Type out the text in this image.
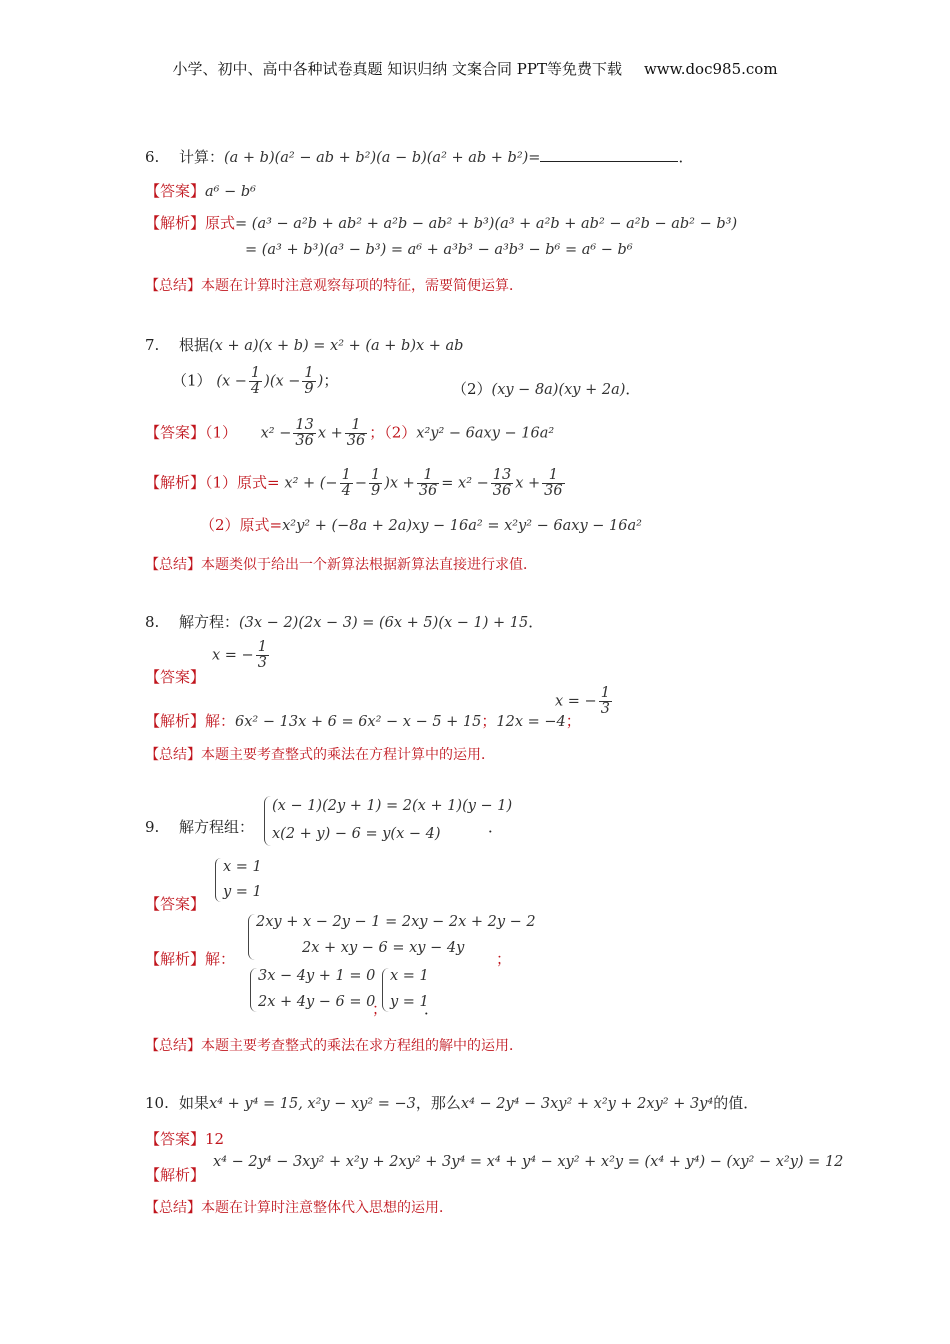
小学、初中、高中各种试卷真题 知识归纳 文案合同 PPT等免费下载 www.doc985.com
6. 计算：(a + b)(a² − ab + b²)(a − b)(a² + ab + b²)=	．
【答案】a⁶ − b⁶
【解析】原式= (a³ − a²b + ab² + a²b − ab² + b³)(a³ + a²b + ab² − a²b − ab² − b³)
= (a³ + b³)(a³ − b³) = a⁶ + a³b³ − a³b³ − b⁶ = a⁶ − b⁶
【总结】本题在计算时注意观察每项的特征，需要简便运算．
7. 根据(x + a)(x + b) = x² + (a + b)x + ab
（1） $(x - \frac{1}{4} )(x - \frac{1}{9}$ )；	（2）(xy − 8a)(xy + 2a)．
【答案】（1） $x^2 - \frac{13}{36}$ $x + \frac{1}{36}$ ；（2）x²y² − 6axy − 16a²
【解析】（1）原式= x² + (− $\frac{1}{4} - \frac{1}{9} )x + \frac{1}{36} = x^2 - \frac{13}{36}$ $x + \frac{1}{36}$
（2）原式=x²y² + (−8a + 2a)xy − 16a² = x²y² − 6axy − 16a²
【总结】本题类似于给出一个新算法根据新算法直接进行求值．
8. 解方程：(3x − 2)(2x − 3) = (6x + 5)(x − 1) + 15．
x = − $\frac{1}{3}$
【答案】
【解析】解：6x² − 13x + 6 = 6x² − x − 5 + 15；12x = −4；
x = − $\frac{1}{3}$
【总结】本题主要考查整式的乘法在方程计算中的运用．
9. 解方程组：
(x − 1)(2y + 1) = 2(x + 1)(y − 1)
x(2 + y) − 6 = y(x − 4)	．
x = 1
y = 1
【答案】
2xy + x − 2y − 1 = 2xy − 2x + 2y − 2
2x + xy − 6 = xy − 4y
【解析】解：	；
3x − 4y + 1 = 0
2x + 4y − 6 = 0
；
x = 1
y = 1
．
【总结】本题主要考查整式的乘法在求方程组的解中的运用．
10. 如果x⁴ + y⁴ = 15, x²y − xy² = −3，那么x⁴ − 2y⁴ − 3xy² + x²y + 2xy² + 3y⁴的值．
【答案】12
【解析】
x⁴ − 2y⁴ − 3xy² + x²y + 2xy² + 3y⁴ = x⁴ + y⁴ − xy² + x²y = (x⁴ + y⁴) − (xy² − x²y) = 12
【总结】本题在计算时注意整体代入思想的运用．
